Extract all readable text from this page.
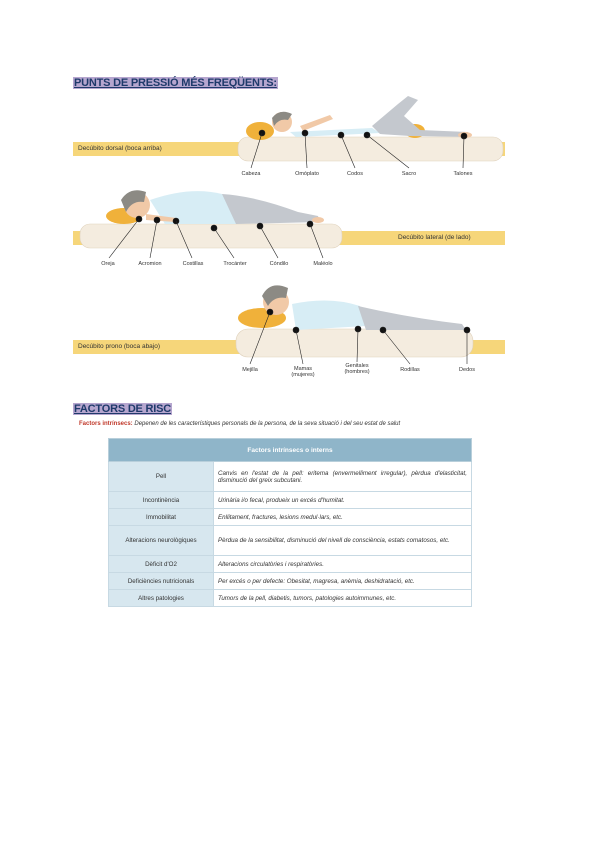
PUNTS DE PRESSIÓ MÉS FREQÜENTS:
Decúbito dorsal (boca arriba)
Decúbito lateral (de lado)
Decúbito prono (boca abajo)
Cabeza	Omóplato	Codos	Sacro	Talones
Oreja	Acromion	Costillas	Trocánter	Cóndilo	Maléolo
Mejilla	Mamas (mujeres)
Genitales (hombres)	Rodillas	Dedos
FACTORS DE RISC
Factors intrínsecs: Depenen de les característiques personals de la persona, de la seva situació i del seu estat de salut
Factors intrínsecs o interns	
Pell	Canvis en l'estat de la pell: eritema (envermelliment irregular), pèrdua d'elasticitat, disminució del greix subcutani.
Incontinència	Urinària i/o fecal, produeix un excés d'humitat.
Immobilitat	Enllitament, fractures, lesions medul·lars, etc.
Alteracions neurològiques	Pèrdua de la sensibilitat, disminució del nivell de consciència, estats comatosos, etc.
Dèficit d'O2	Alteracions circulatòries i respiratòries.
Deficiències nutricionals	Per excés o per defecte: Obesitat, magresa, anèmia, deshidratació, etc.
Altres patologies	Tumors de la pell, diabetis, tumors, patologies autoimmunes, etc.
